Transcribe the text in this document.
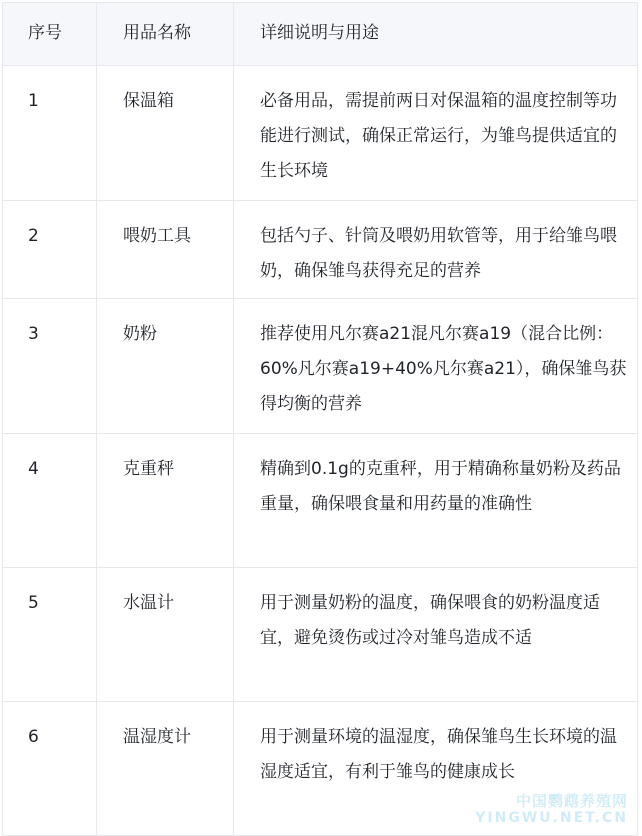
序号	用品名称	详细说明与用途
1	保温箱	必备用品，需提前两日对保温箱的温度控制等功能进行测试，确保正常运行，为雏鸟提供适宜的生长环境
2	喂奶工具	包括勺子、针筒及喂奶用软管等，用于给雏鸟喂奶，确保雏鸟获得充足的营养
3	奶粉	推荐使用凡尔赛a21混凡尔赛a19（混合比例：60%凡尔赛a19+40%凡尔赛a21），确保雏鸟获得均衡的营养
4	克重秤	精确到0.1g的克重秤，用于精确称量奶粉及药品重量，确保喂食量和用药量的准确性
5	水温计	用于测量奶粉的温度，确保喂食的奶粉温度适宜，避免烫伤或过冷对雏鸟造成不适
6	温湿度计	用于测量环境的温湿度，确保雏鸟生长环境的温湿度适宜，有利于雏鸟的健康成长
中国鹦鹉养殖网
YINGWU.NET.CN
